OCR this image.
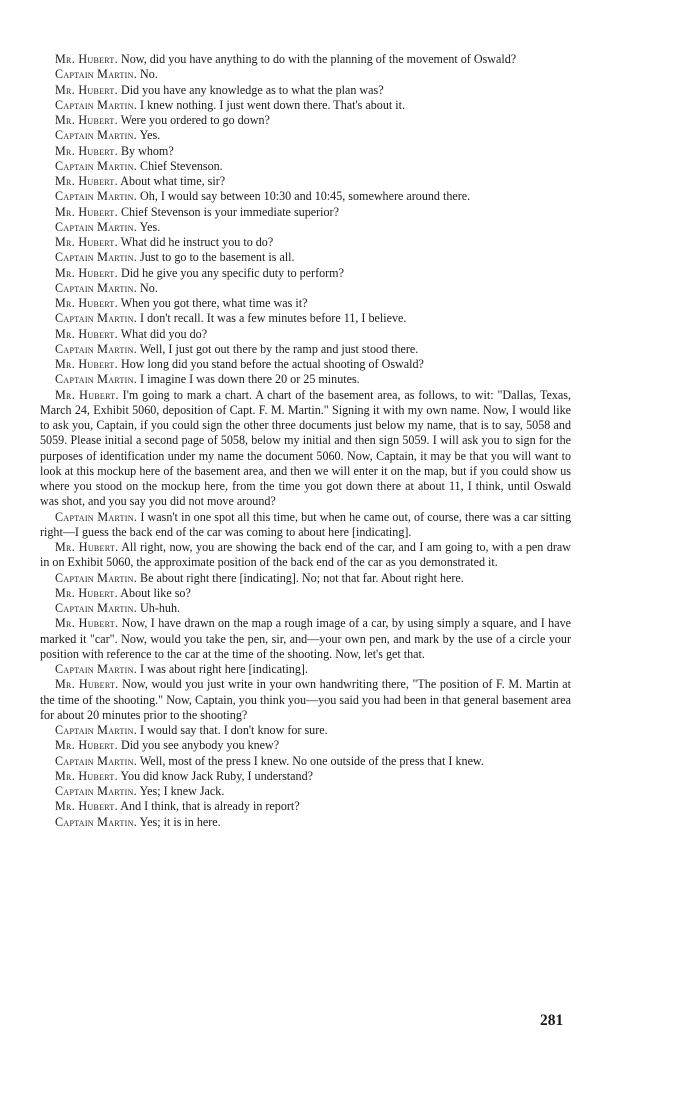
Mr. Hubert. Now, did you have anything to do with the planning of the movement of Oswald?

Captain Martin. No.

Mr. Hubert. Did you have any knowledge as to what the plan was?

Captain Martin. I knew nothing. I just went down there. That's about it.

Mr. Hubert. Were you ordered to go down?

Captain Martin. Yes.

Mr. Hubert. By whom?

Captain Martin. Chief Stevenson.

Mr. Hubert. About what time, sir?

Captain Martin. Oh, I would say between 10:30 and 10:45, somewhere around there.

Mr. Hubert. Chief Stevenson is your immediate superior?

Captain Martin. Yes.

Mr. Hubert. What did he instruct you to do?

Captain Martin. Just to go to the basement is all.

Mr. Hubert. Did he give you any specific duty to perform?

Captain Martin. No.

Mr. Hubert. When you got there, what time was it?

Captain Martin. I don't recall. It was a few minutes before 11, I believe.

Mr. Hubert. What did you do?

Captain Martin. Well, I just got out there by the ramp and just stood there.

Mr. Hubert. How long did you stand before the actual shooting of Oswald?

Captain Martin. I imagine I was down there 20 or 25 minutes.

Mr. Hubert. I'm going to mark a chart. A chart of the basement area, as follows, to wit: "Dallas, Texas, March 24, Exhibit 5060, deposition of Capt. F. M. Martin." Signing it with my own name. Now, I would like to ask you, Captain, if you could sign the other three documents just below my name, that is to say, 5058 and 5059. Please initial a second page of 5058, below my initial and then sign 5059. I will ask you to sign for the purposes of identification under my name the document 5060. Now, Captain, it may be that you will want to look at this mockup here of the basement area, and then we will enter it on the map, but if you could show us where you stood on the mockup here, from the time you got down there at about 11, I think, until Oswald was shot, and you say you did not move around?

Captain Martin. I wasn't in one spot all this time, but when he came out, of course, there was a car sitting right—I guess the back end of the car was coming to about here [indicating].

Mr. Hubert. All right, now, you are showing the back end of the car, and I am going to, with a pen draw in on Exhibit 5060, the approximate position of the back end of the car as you demonstrated it.

Captain Martin. Be about right there [indicating]. No; not that far. About right here.

Mr. Hubert. About like so?

Captain Martin. Uh-huh.

Mr. Hubert. Now, I have drawn on the map a rough image of a car, by using simply a square, and I have marked it "car". Now, would you take the pen, sir, and—your own pen, and mark by the use of a circle your position with reference to the car at the time of the shooting. Now, let's get that.

Captain Martin. I was about right here [indicating].

Mr. Hubert. Now, would you just write in your own handwriting there, "The position of F. M. Martin at the time of the shooting." Now, Captain, you think you—you said you had been in that general basement area for about 20 minutes prior to the shooting?

Captain Martin. I would say that. I don't know for sure.

Mr. Hubert. Did you see anybody you knew?

Captain Martin. Well, most of the press I knew. No one outside of the press that I knew.

Mr. Hubert. You did know Jack Ruby, I understand?

Captain Martin. Yes; I knew Jack.

Mr. Hubert. And I think, that is already in report?

Captain Martin. Yes; it is in here.

281
